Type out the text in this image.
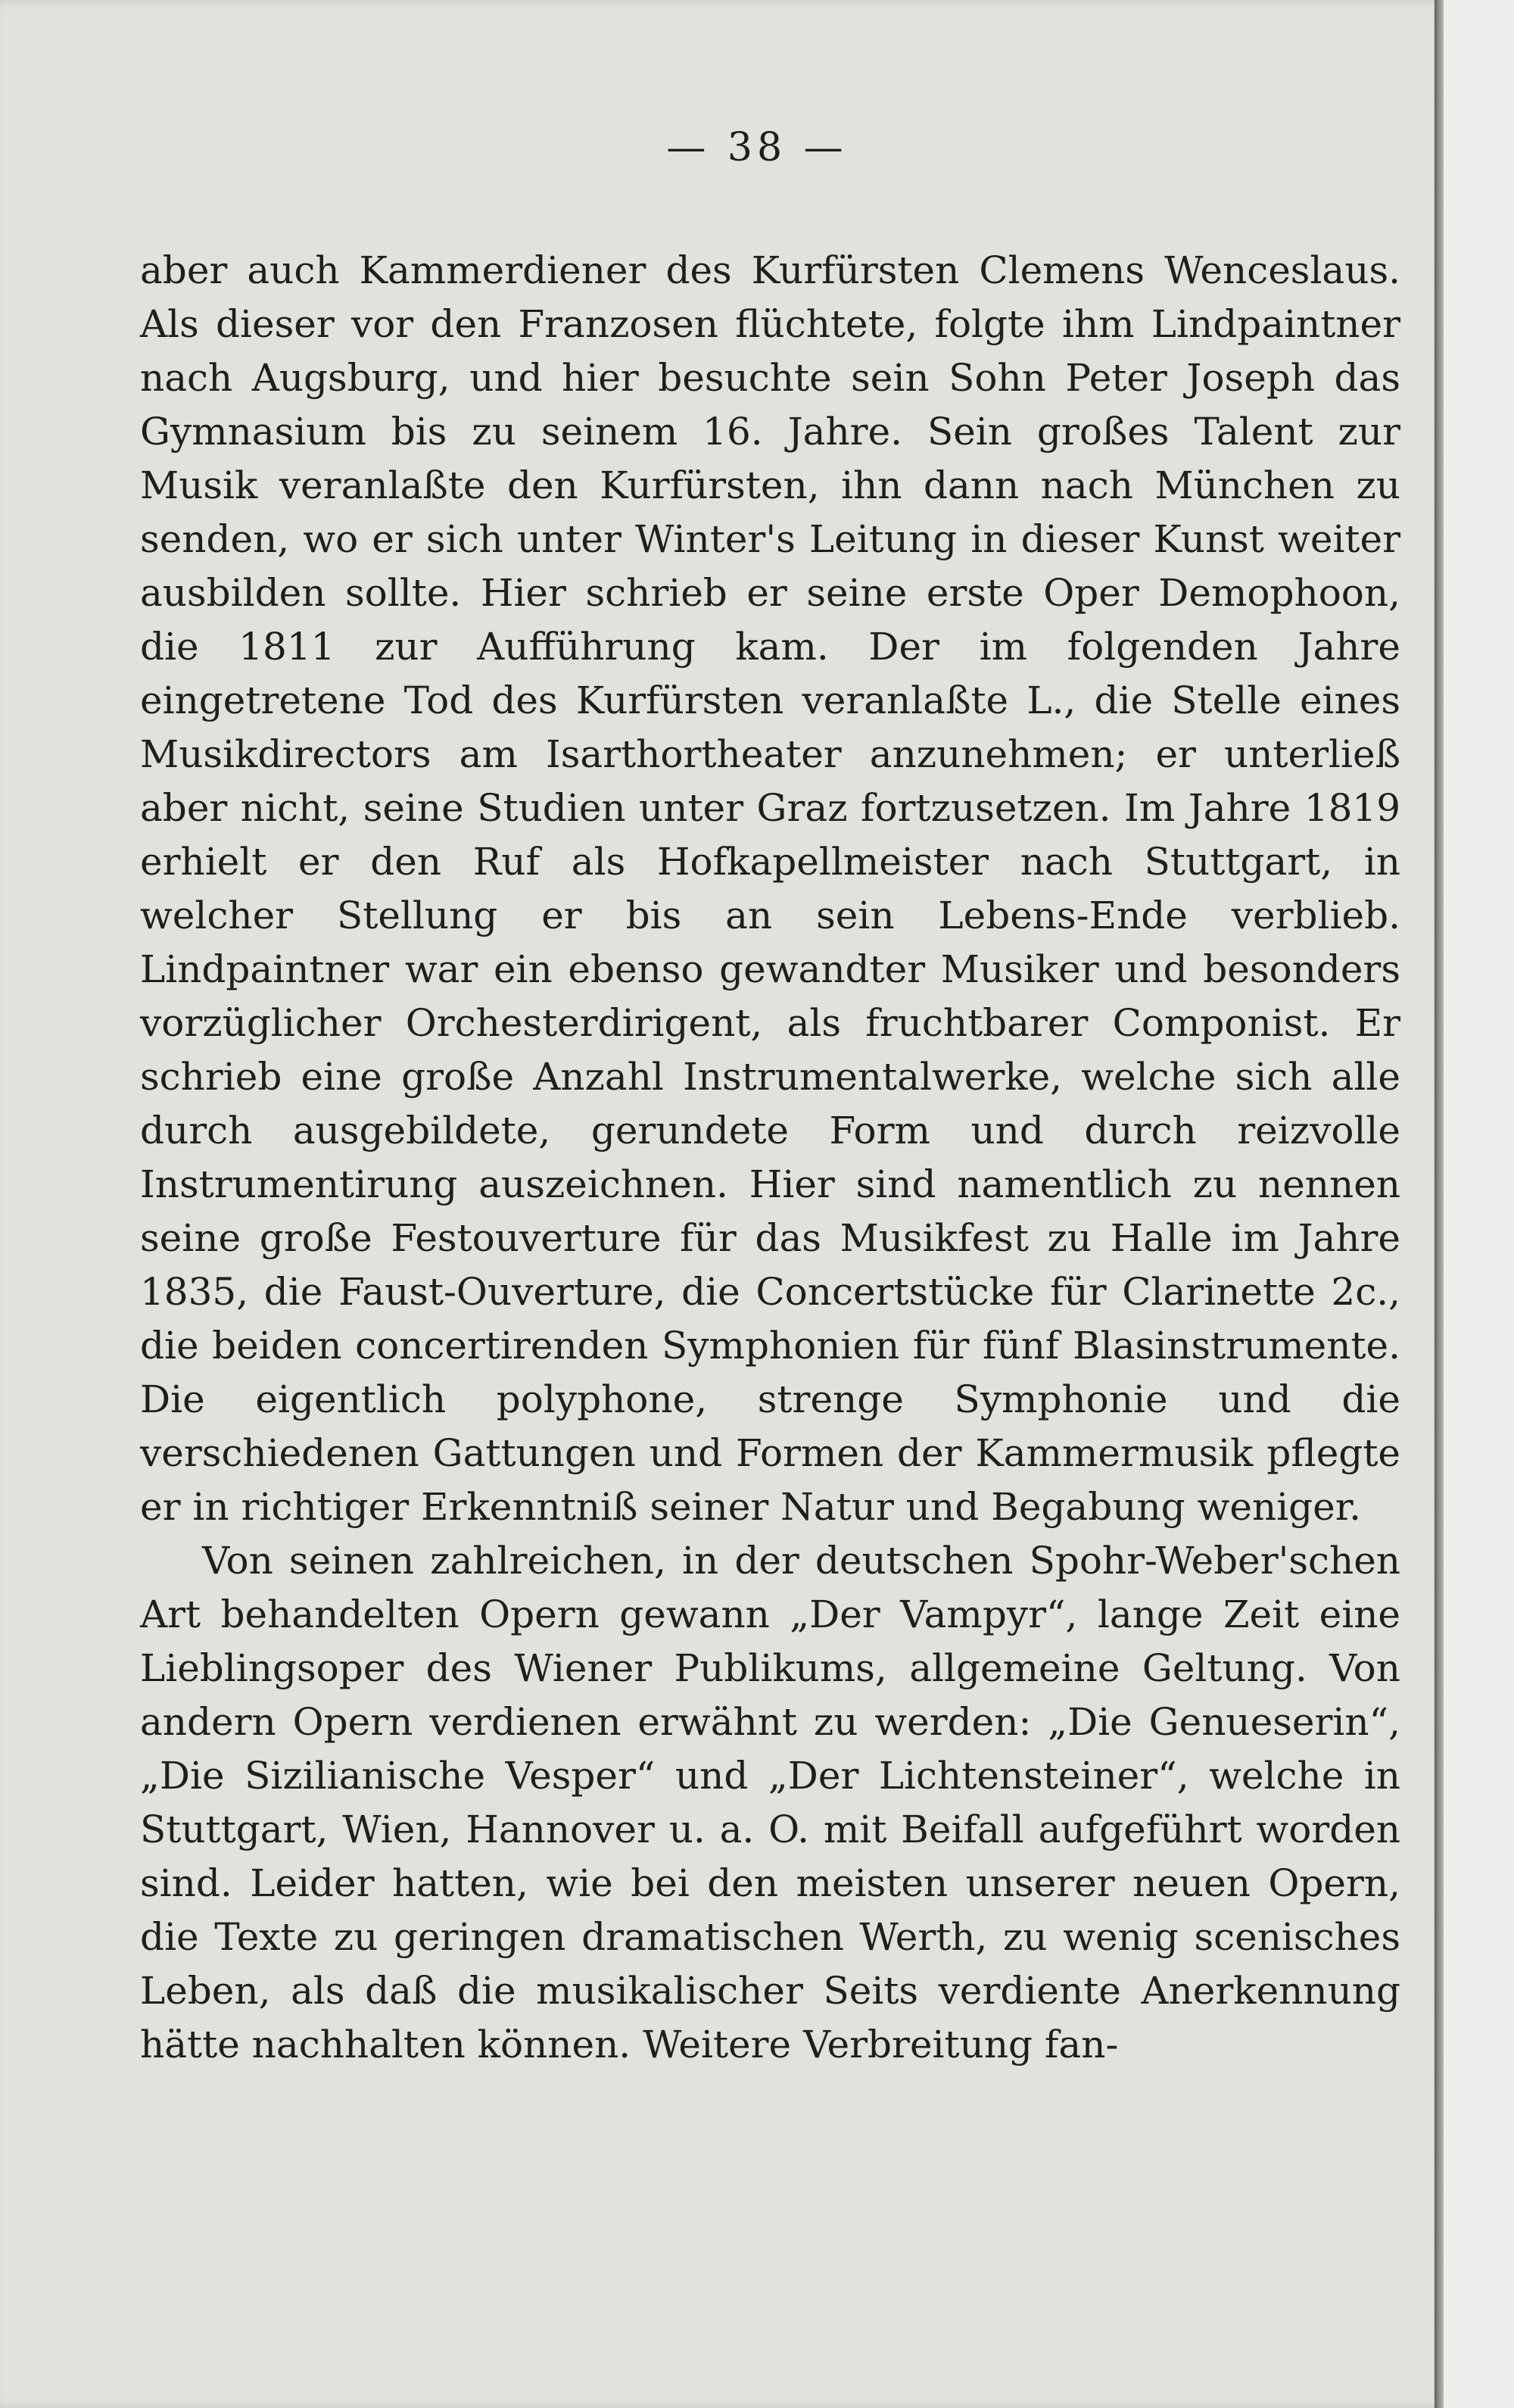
— 38 —

aber auch Kammerdiener des Kurfürsten Clemens Wenceslaus. Als dieser vor den Franzosen flüchtete, folgte ihm Lindpaintner nach Augsburg, und hier besuchte sein Sohn Peter Joseph das Gymnasium bis zu seinem 16. Jahre. Sein großes Talent zur Musik veranlaßte den Kurfürsten, ihn dann nach München zu senden, wo er sich unter Winter's Leitung in dieser Kunst weiter ausbilden sollte. Hier schrieb er seine erste Oper Demophoon, die 1811 zur Aufführung kam. Der im folgenden Jahre eingetretene Tod des Kurfürsten veranlaßte L., die Stelle eines Musikdirectors am Isarthortheater anzunehmen; er unterließ aber nicht, seine Studien unter Graz fortzusetzen. Im Jahre 1819 erhielt er den Ruf als Hofkapellmeister nach Stuttgart, in welcher Stellung er bis an sein Lebens-Ende verblieb. Lindpaintner war ein ebenso gewandter Musiker und besonders vorzüglicher Orchesterdirigent, als fruchtbarer Componist. Er schrieb eine große Anzahl Instrumentalwerke, welche sich alle durch ausgebildete, gerundete Form und durch reizvolle Instrumentirung auszeichnen. Hier sind namentlich zu nennen seine große Festouverture für das Musikfest zu Halle im Jahre 1835, die Faust-Ouverture, die Concertstücke für Clarinette 2c., die beiden concertirenden Symphonien für fünf Blasinstrumente. Die eigentlich polyphone, strenge Symphonie und die verschiedenen Gattungen und Formen der Kammermusik pflegte er in richtiger Erkenntniß seiner Natur und Begabung weniger.

Von seinen zahlreichen, in der deutschen Spohr-Weber'schen Art behandelten Opern gewann „Der Vampyr“, lange Zeit eine Lieblingsoper des Wiener Publikums, allgemeine Geltung. Von andern Opern verdienen erwähnt zu werden: „Die Genueserin“, „Die Sizilianische Vesper“ und „Der Lichtensteiner“, welche in Stuttgart, Wien, Hannover u. a. O. mit Beifall aufgeführt worden sind. Leider hatten, wie bei den meisten unserer neuen Opern, die Texte zu geringen dramatischen Werth, zu wenig scenisches Leben, als daß die musikalischer Seits verdiente Anerkennung hätte nachhalten können. Weitere Verbreitung fan-
